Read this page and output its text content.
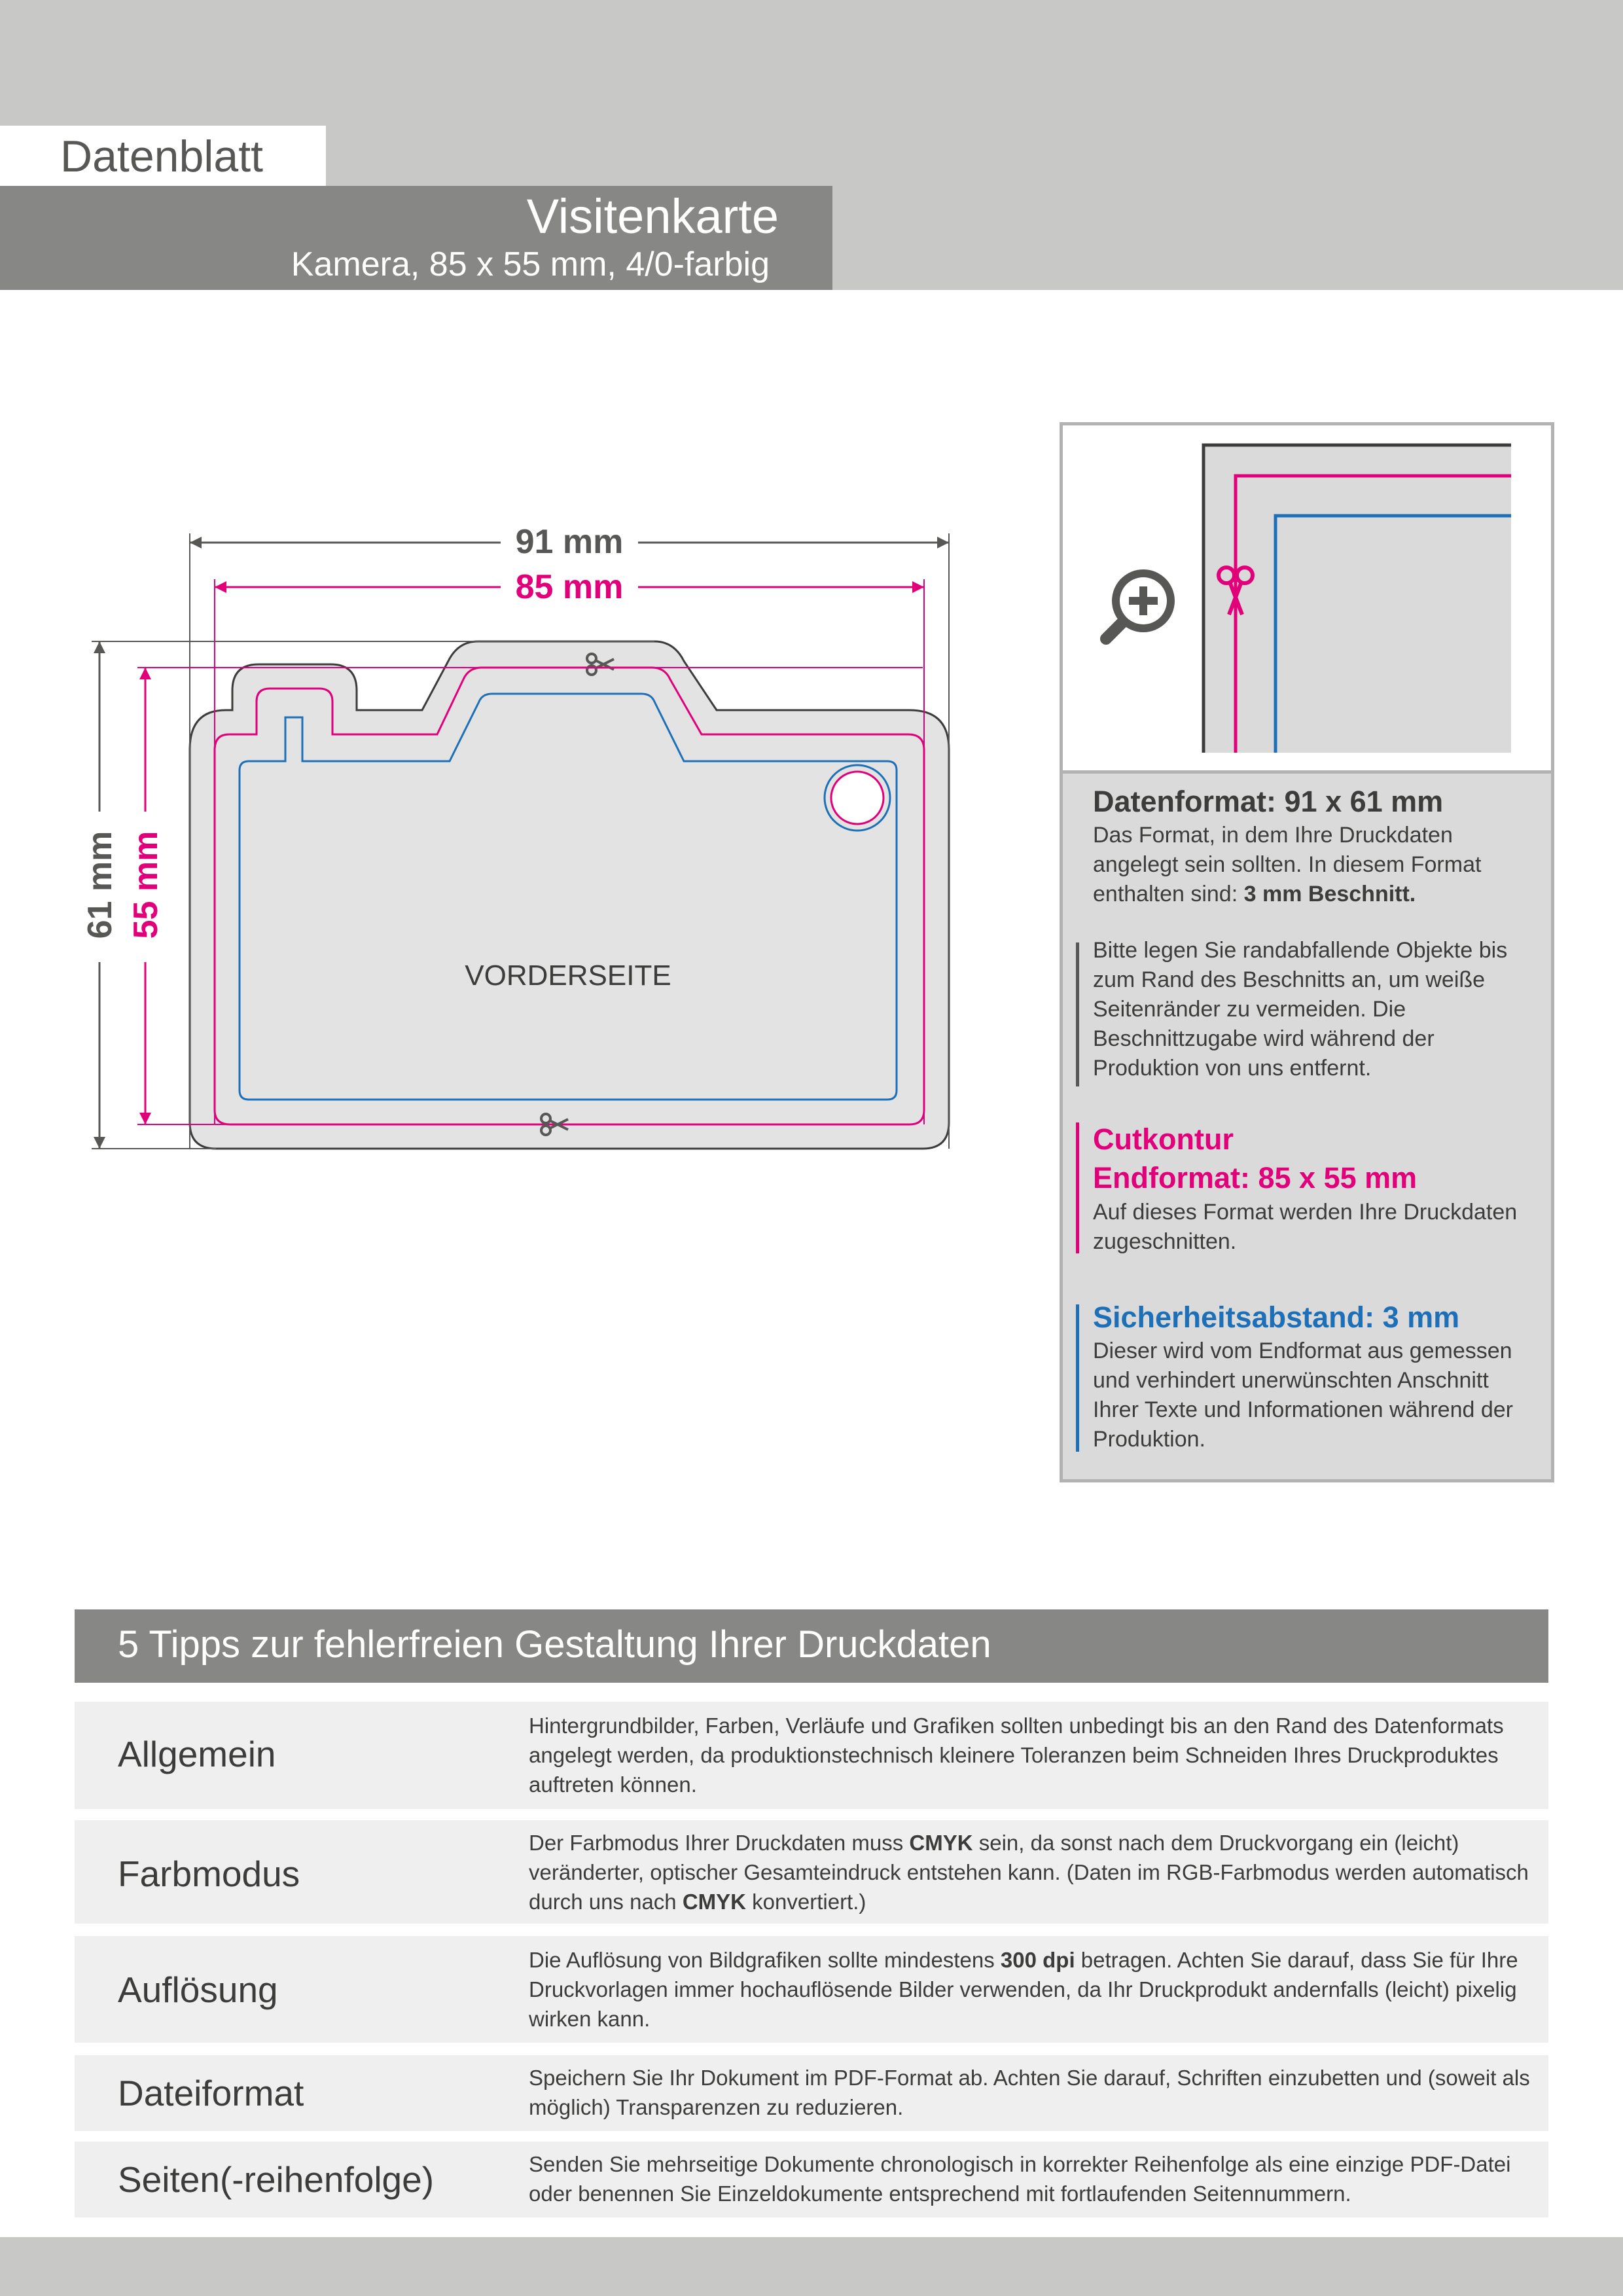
Datenblatt
Visitenkarte
Kamera, 85 x 55 mm, 4/0-farbig
91 mm
85 mm
61 mm 55 mm
VORDERSEITE
Datenformat: 91 x 61 mm
Das Format, in dem Ihre Druckdaten angelegt sein sollten. In diesem Format enthalten sind: 3 mm Beschnitt.
Bitte legen Sie randabfallende Objekte bis zum Rand des Beschnitts an, um weiße Seitenränder zu vermeiden. Die Beschnittzugabe wird während der Produktion von uns entfernt.
Cutkontur
Endformat: 85 x 55 mm
Auf dieses Format werden Ihre Druckdaten zugeschnitten.
Sicherheitsabstand: 3 mm
Dieser wird vom Endformat aus gemessen und verhindert unerwünschten Anschnitt Ihrer Texte und Informationen während der Produktion.
5 Tipps zur fehlerfreien Gestaltung Ihrer Druckdaten
Allgemein
Hintergrundbilder, Farben, Verläufe und Grafiken sollten unbedingt bis an den Rand des Datenformats angelegt werden, da produktionstechnisch kleinere Toleranzen beim Schneiden Ihres Druckproduktes auftreten können.
Farbmodus
Der Farbmodus Ihrer Druckdaten muss CMYK sein, da sonst nach dem Druckvorgang ein (leicht) veränderter, optischer Gesamteindruck entstehen kann. (Daten im RGB-Farbmodus werden automatisch durch uns nach CMYK konvertiert.)
Auflösung
Die Auflösung von Bildgrafiken sollte mindestens 300 dpi betragen. Achten Sie darauf, dass Sie für Ihre Druckvorlagen immer hochauflösende Bilder verwenden, da Ihr Druckprodukt andernfalls (leicht) pixelig wirken kann.
Dateiformat	Speichern Sie Ihr Dokument im PDF-Format ab. Achten Sie darauf, Schriften einzubetten und (soweit als möglich) Transparenzen zu reduzieren.
Seiten(-reihenfolge)	Senden Sie mehrseitige Dokumente chronologisch in korrekter Reihenfolge als eine einzige PDF-Datei oder benennen Sie Einzeldokumente entsprechend mit fortlaufenden Seitennummern.
